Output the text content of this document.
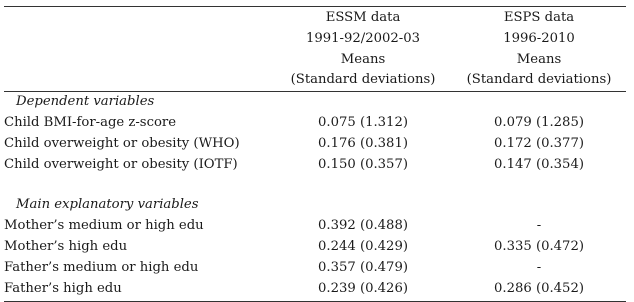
	ESSM data	ESPS data
	1991-92/2002-03	1996-2010
	Means	Means
	(Standard deviations)	(Standard deviations)

Dependent variables		
Child BMI-for-age z-score	0.075 (1.312)	0.079 (1.285)
Child overweight or obesity (WHO)	0.176 (0.381)	0.172 (0.377)
Child overweight or obesity (IOTF)	0.150 (0.357)	0.147 (0.354)

Main explanatory variables		
Mother’s medium or high edu	0.392 (0.488)	-
Mother’s high edu	0.244 (0.429)	0.335 (0.472)
Father’s medium or high edu	0.357 (0.479)	-
Father’s high edu	0.239 (0.426)	0.286 (0.452)
